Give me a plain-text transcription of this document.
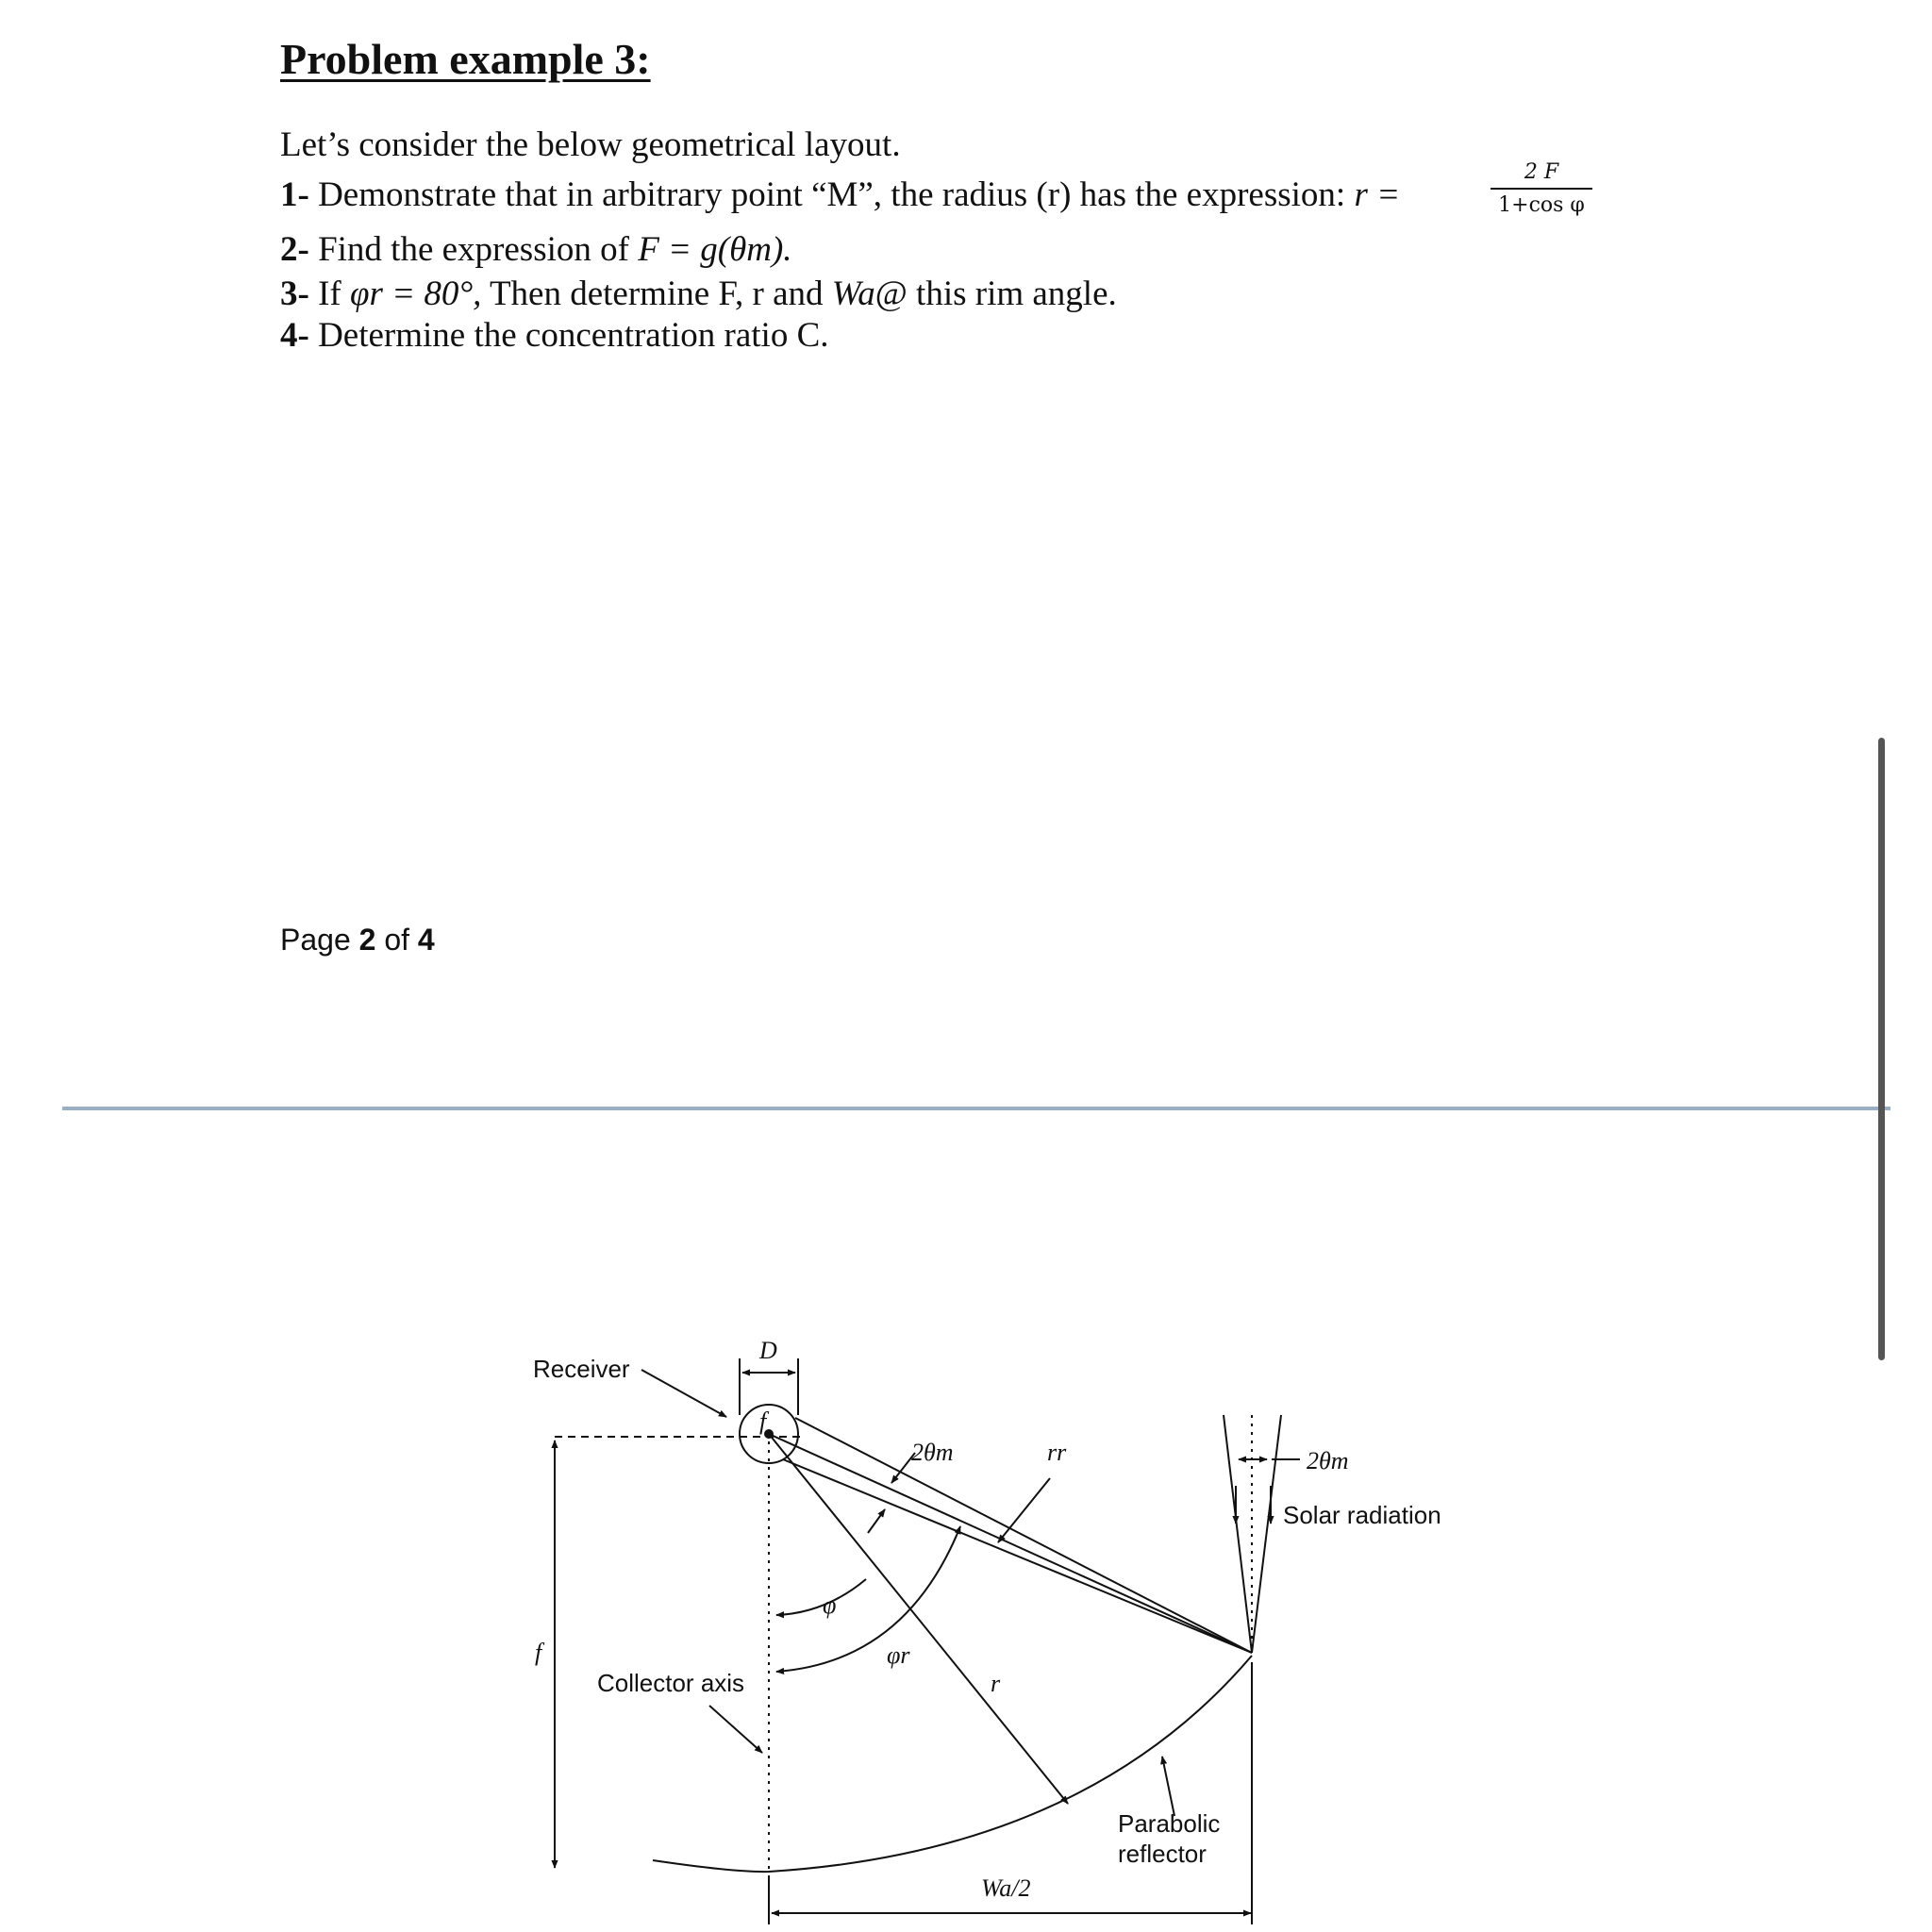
Problem example 3:
Let’s consider the below geometrical layout.
1- Demonstrate that in arbitrary point “M”, the radius (r) has the expression: r =	$\frac{2 F}{\text{1+cos φ}}$
2- Find the expression of F = g(θm).
3- If φr = 80°, Then determine F, r and Wa@ this rim angle.
4- Determine the concentration ratio C.
Page 2 of 4
Receiver
D
f
2θm	rr	2θm
Solar radiation
φ
φr
f
Collector axis	r
Parabolic
reflector
Wa/2
